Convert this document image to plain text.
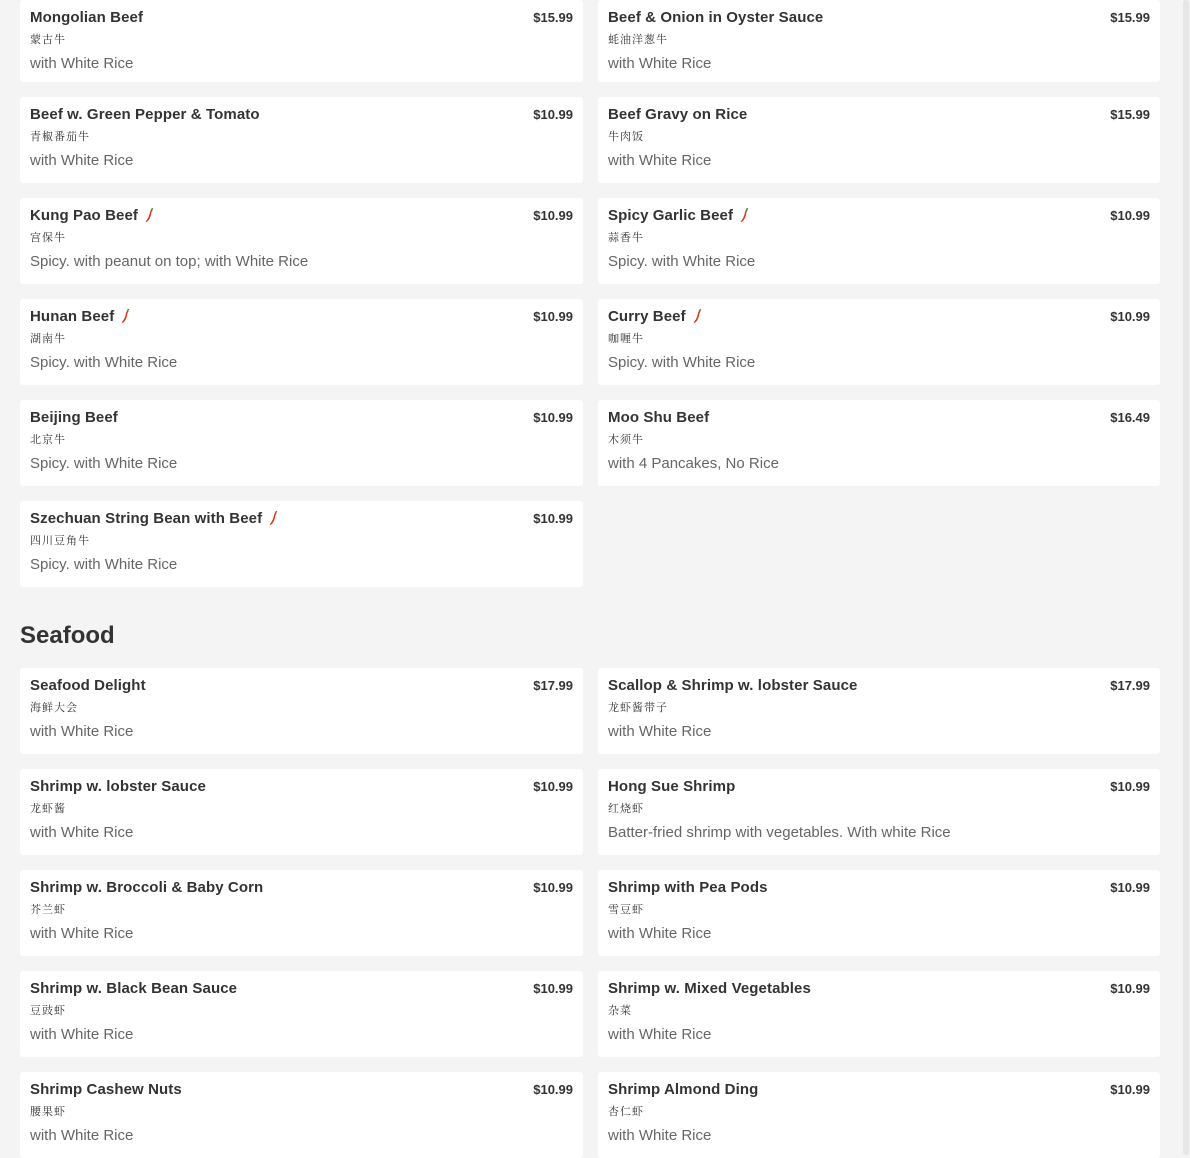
Mongolian Beef	$15.99
蒙古牛
with White Rice
Beef & Onion in Oyster Sauce	$15.99
蚝油洋葱牛
with White Rice
Beef w. Green Pepper & Tomato	$10.99
青椒番茄牛
with White Rice
Beef Gravy on Rice	$15.99
牛肉饭
with White Rice
Kung Pao Beef	$10.99
宫保牛
Spicy. with peanut on top; with White Rice
Spicy Garlic Beef	$10.99
蒜香牛
Spicy. with White Rice
Hunan Beef	$10.99
湖南牛
Spicy. with White Rice
Curry Beef	$10.99
咖喱牛
Spicy. with White Rice
Beijing Beef	$10.99
北京牛
Spicy. with White Rice
Moo Shu Beef	$16.49
木须牛
with 4 Pancakes, No Rice
Szechuan String Bean with Beef	$10.99
四川豆角牛
Spicy. with White Rice
Seafood
Seafood Delight	$17.99
海鲜大会
with White Rice
Scallop & Shrimp w. lobster Sauce	$17.99
龙虾酱带子
with White Rice
Shrimp w. lobster Sauce	$10.99
龙虾酱
with White Rice
Hong Sue Shrimp	$10.99
红烧虾
Batter-fried shrimp with vegetables. With white Rice
Shrimp w. Broccoli & Baby Corn	$10.99
芥兰虾
with White Rice
Shrimp with Pea Pods	$10.99
雪豆虾
with White Rice
Shrimp w. Black Bean Sauce	$10.99
豆豉虾
with White Rice
Shrimp w. Mixed Vegetables	$10.99
杂菜
with White Rice
Shrimp Cashew Nuts	$10.99
腰果虾
with White Rice
Shrimp Almond Ding	$10.99
杏仁虾
with White Rice
